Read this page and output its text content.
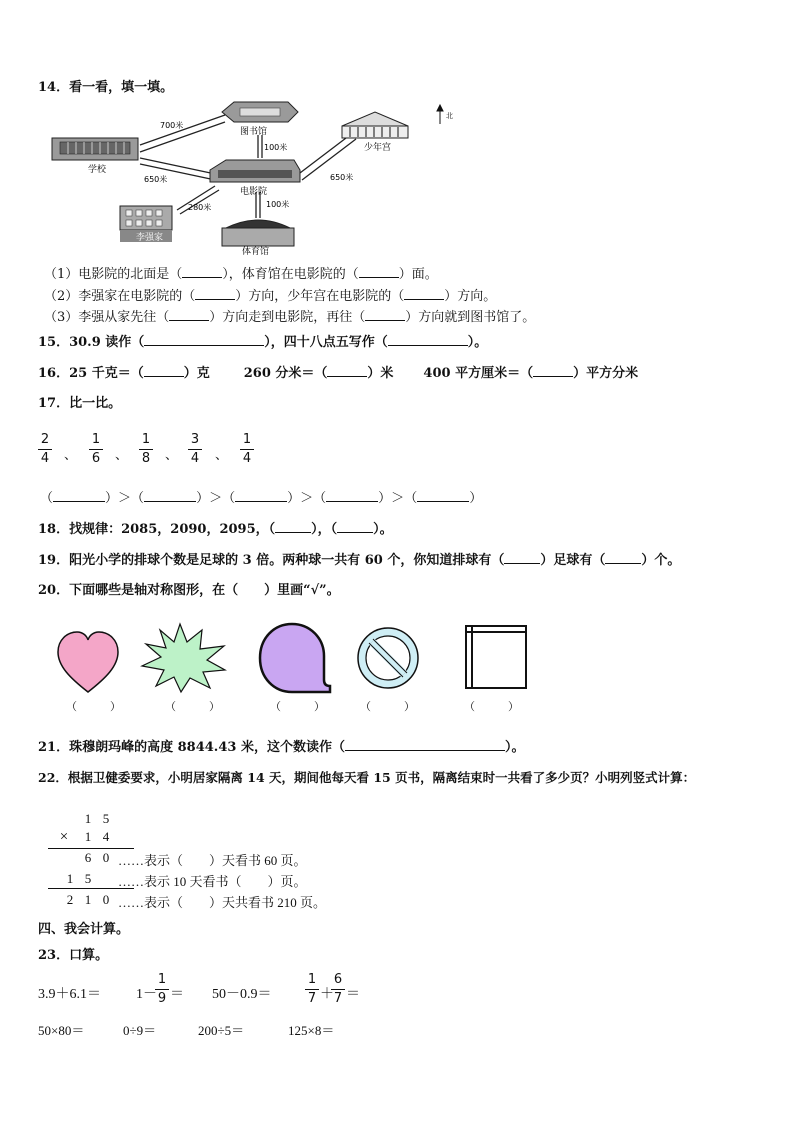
14．看一看，填一填。
图书馆
学校
电影院
少年宫
北
李强家
体育馆
700米
100米
650米	650米
280米	100米
（1）电影院的北面是（	），体育馆在电影院的（	）面。
（2）李强家在电影院的（	）方向，少年宫在电影院的（	）方向。
（3）李强从家先往（	）方向走到电影院，再往（	）方向就到图书馆了。
15．30.9 读作（	），四十八点五写作（	）。
16．25 千克＝（	）克	260 分米＝（	）米 400 平方厘米＝（	）平方分米
17．比一比。
2
4 、
1
6 、
1
8 、
3
4 、
1
4
（	）＞（	）＞（	）＞（	）＞（	）
18．找规律：2085，2090，2095，（	），（	）。
19．阳光小学的排球个数是足球的 3 倍。两种球一共有 60 个，你知道排球有（	）足球有（	）个。
20．下面哪些是轴对称图形，在（　　）里画“√”。
（　　　）	（　　　）	（　　　）	（　　　）	（　　　）
21．珠穆朗玛峰的高度 8844.43 米，这个数读作（	）。
22．根据卫健委要求，小明居家隔离 14 天，期间他每天看 15 页书，隔离结束时一共看了多少页？小明列竖式计算：
1 5
× 1 4
6 0 ……表示（　　）天看书 60 页。
1 5 ……表示 10 天看书（　　）页。
2 1 0 ……表示（　　）天共看书 210 页。
四、我会计算。
23．口算。
3.9＋6.1＝	1－
1
9 ＝ 50－0.9＝
1
7 ＋
6
7 ＝
50×80＝	0÷9＝	200÷5＝	125×8＝
